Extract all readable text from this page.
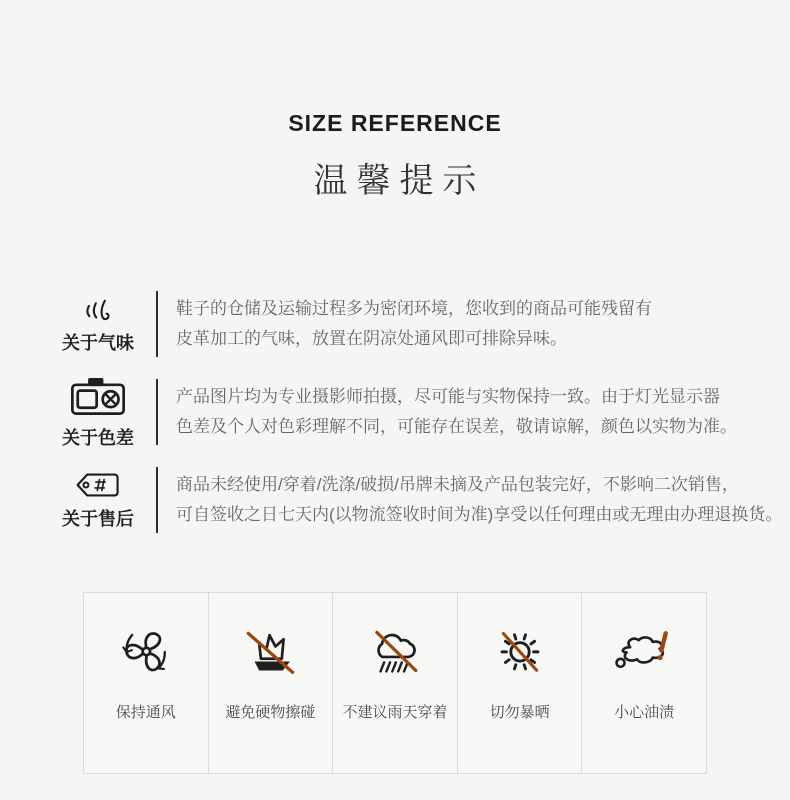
SIZE REFERENCE
温馨提示
关于气味
鞋子的仓储及运输过程多为密闭环境，您收到的商品可能残留有
皮革加工的气味，放置在阴凉处通风即可排除异味。
关于色差
产品图片均为专业摄影师拍摄，尽可能与实物保持一致。由于灯光显示器
色差及个人对色彩理解不同，可能存在误差，敬请谅解，颜色以实物为准。
关于售后
商品未经使用/穿着/洗涤/破损/吊牌未摘及产品包装完好，不影响二次销售，
可自签收之日七天内(以物流签收时间为准)享受以任何理由或无理由办理退换货。
保持通风	避免硬物擦碰 不建议雨天穿着	切勿暴晒	小心油渍
